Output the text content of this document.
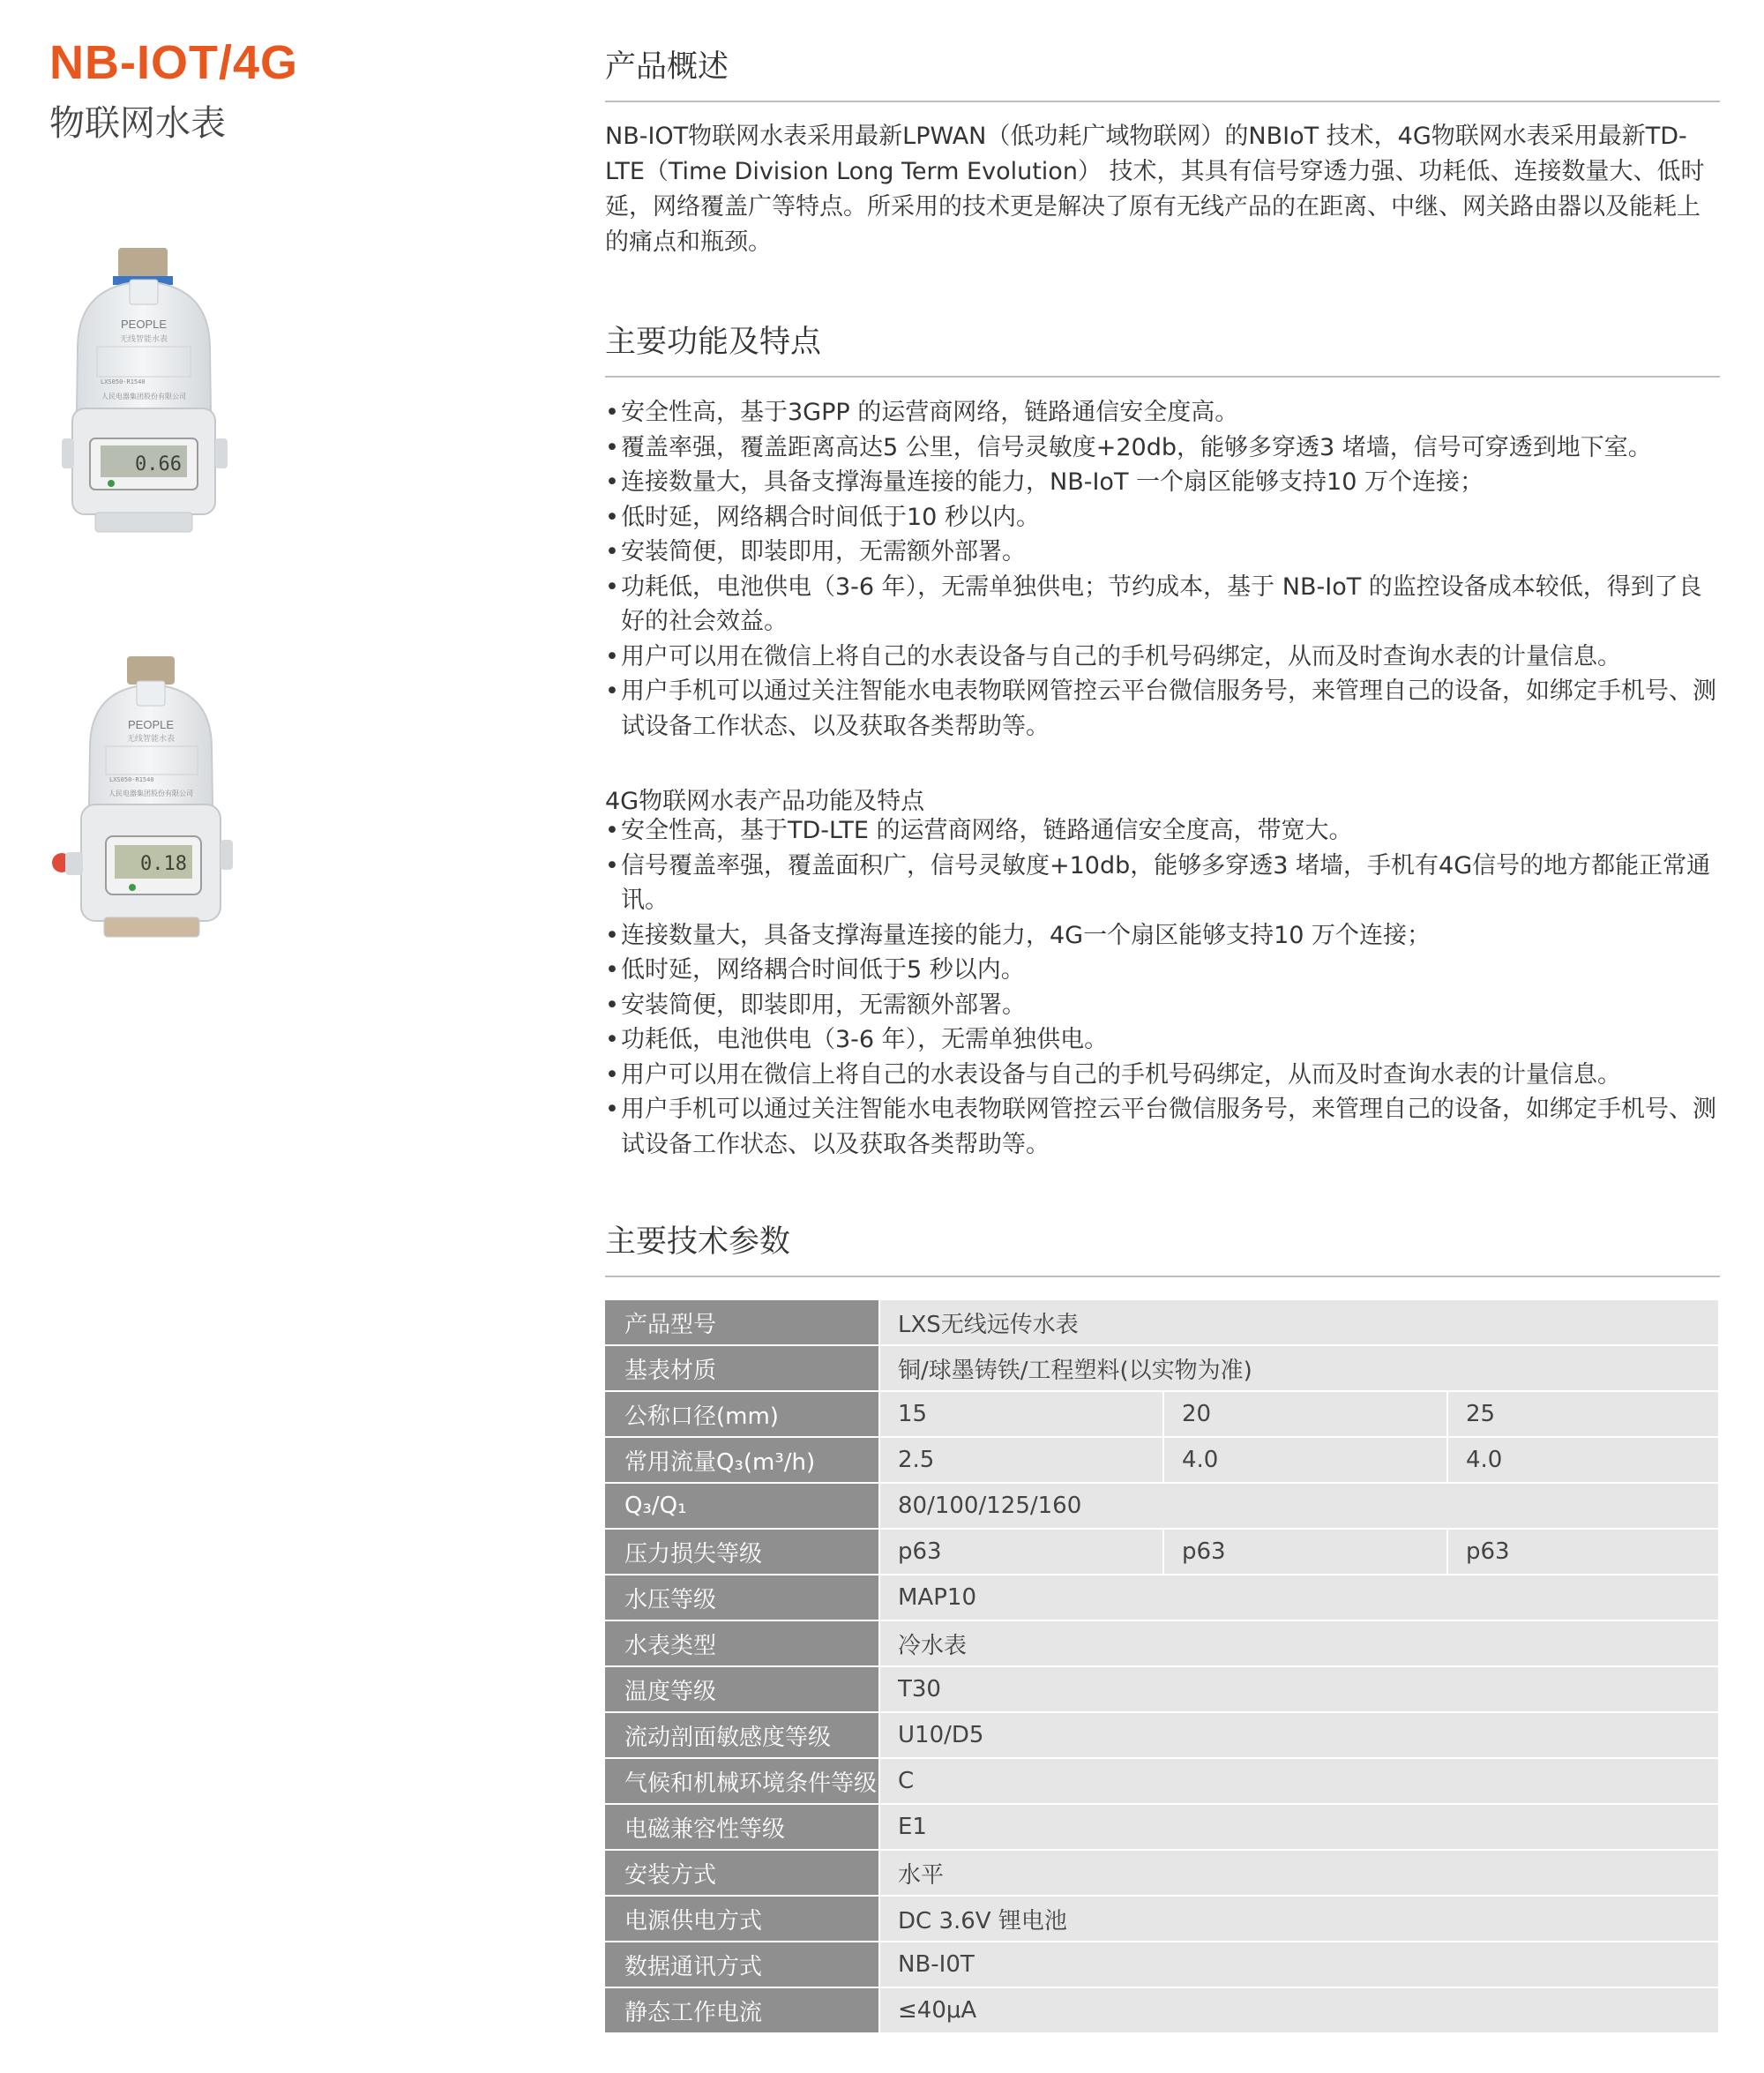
NB-IOT/4G
物联网水表
PEOPLE
无线智能水表
LXS050-R1540
人民电器集团股份有限公司
0.66
PEOPLE
无线智能水表
LXS050-R1540
人民电器集团股份有限公司
0.18
产品概述
NB-IOT物联网水表采用最新LPWAN（低功耗广域物联网）的NBIoT 技术，4G物联网水表采用最新TD-LTE（Time Division Long Term Evolution） 技术，其具有信号穿透力强、功耗低、连接数量大、低时延，网络覆盖广等特点。所采用的技术更是解决了原有无线产品的在距离、中继、网关路由器以及能耗上的痛点和瓶颈。
主要功能及特点
• 安全性高，基于3GPP 的运营商网络，链路通信安全度高。
• 覆盖率强，覆盖距离高达5 公里，信号灵敏度+20db，能够多穿透3 堵墙，信号可穿透到地下室。
• 连接数量大，具备支撑海量连接的能力，NB-IoT 一个扇区能够支持10 万个连接；
• 低时延，网络耦合时间低于10 秒以内。
• 安装简便，即装即用，无需额外部署。
• 功耗低，电池供电（3-6 年），无需单独供电；节约成本，基于 NB-IoT 的监控设备成本较低，得到了良好的社会效益。
• 用户可以用在微信上将自己的水表设备与自己的手机号码绑定，从而及时查询水表的计量信息。
• 用户手机可以通过关注智能水电表物联网管控云平台微信服务号，来管理自己的设备，如绑定手机号、测试设备工作状态、以及获取各类帮助等。
4G物联网水表产品功能及特点
• 安全性高，基于TD-LTE 的运营商网络，链路通信安全度高，带宽大。
• 信号覆盖率强，覆盖面积广，信号灵敏度+10db，能够多穿透3 堵墙，手机有4G信号的地方都能正常通讯。
• 连接数量大，具备支撑海量连接的能力，4G一个扇区能够支持10 万个连接；
• 低时延，网络耦合时间低于5 秒以内。
• 安装简便，即装即用，无需额外部署。
• 功耗低，电池供电（3-6 年），无需单独供电。
• 用户可以用在微信上将自己的水表设备与自己的手机号码绑定，从而及时查询水表的计量信息。
• 用户手机可以通过关注智能水电表物联网管控云平台微信服务号，来管理自己的设备，如绑定手机号、测试设备工作状态、以及获取各类帮助等。
主要技术参数
产品型号	LXS无线远传水表		
基表材质	铜/球墨铸铁/工程塑料(以实物为准)		
公称口径(mm)	15	20	25
常用流量Q₃(m³/h)	2.5	4.0	4.0
Q₃/Q₁	80/100/125/160		
压力损失等级	p63	p63	p63
水压等级	MAP10		
水表类型	冷水表		
温度等级	T30		
流动剖面敏感度等级	U10/D5		
气候和机械环境条件等级	C		
电磁兼容性等级	E1		
安装方式	水平		
电源供电方式	DC 3.6V 锂电池		
数据通讯方式	NB-I0T		
静态工作电流	≤40μA		
